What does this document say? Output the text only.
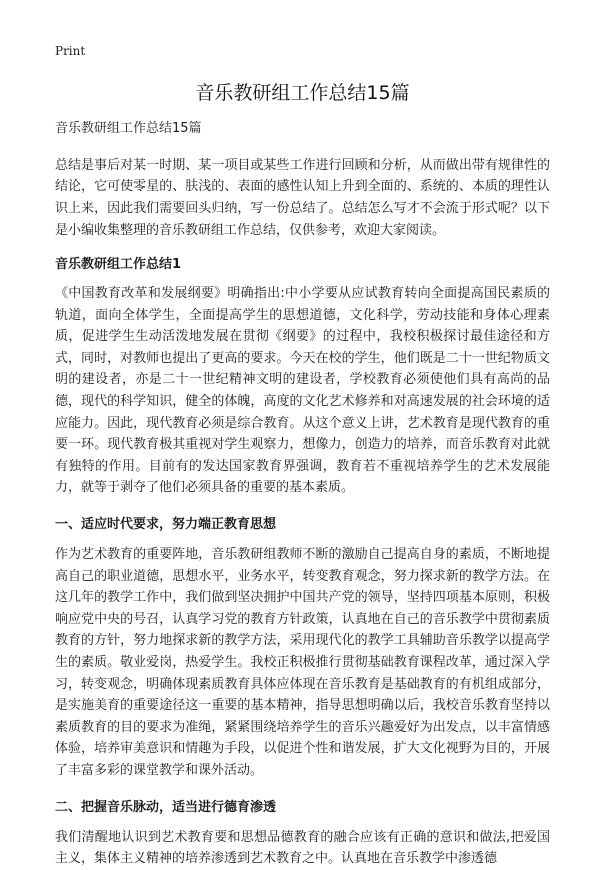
Print
音乐教研组工作总结15篇
音乐教研组工作总结15篇

总结是事后对某一时期、某一项目或某些工作进行回顾和分析，从而做出带有规律性的结论，它可使零星的、肤浅的、表面的感性认知上升到全面的、系统的、本质的理性认识上来，因此我们需要回头归纳，写一份总结了。总结怎么写才不会流于形式呢？以下是小编收集整理的音乐教研组工作总结，仅供参考，欢迎大家阅读。

音乐教研组工作总结1

《中国教育改革和发展纲要》明确指出:中小学要从应试教育转向全面提高国民素质的轨道，面向全体学生，全面提高学生的思想道德，文化科学，劳动技能和身体心理素质，促进学生生动活泼地发展在贯彻《纲要》的过程中，我校积极探讨最佳途径和方式，同时，对教师也提出了更高的要求。今天在校的学生，他们既是二十一世纪物质文明的建设者，亦是二十一世纪精神文明的建设者，学校教育必须使他们具有高尚的品德，现代的科学知识，健全的体魄，高度的文化艺术修养和对高速发展的社会环境的适应能力。因此，现代教育必须是综合教育。从这个意义上讲，艺术教育是现代教育的重要一环。现代教育极其重视对学生观察力，想像力，创造力的培养，而音乐教育对此就有独特的作用。目前有的发达国家教育界强调，教育若不重视培养学生的艺术发展能力，就等于剥夺了他们必须具备的重要的基本素质。

一、适应时代要求，努力端正教育思想

作为艺术教育的重要阵地，音乐教研组教师不断的激励自己提高自身的素质，不断地提高自己的职业道德，思想水平，业务水平，转变教育观念，努力探求新的教学方法。在这几年的教学工作中，我们做到坚决拥护中国共产党的领导，坚持四项基本原则，积极响应党中央的号召，认真学习党的教育方针政策，认真地在自己的音乐教学中贯彻素质教育的方针，努力地探求新的教学方法，采用现代化的教学工具辅助音乐教学以提高学生的素质。敬业爱岗，热爱学生。我校正积极推行贯彻基础教育课程改革，通过深入学习，转变观念，明确体现素质教育具体应体现在音乐教育是基础教育的有机组成部分，是实施美育的重要途径这一重要的基本精神，指导思想明确以后，我校音乐教育坚持以素质教育的目的要求为准绳，紧紧围绕培养学生的音乐兴趣爱好为出发点，以丰富情感体验，培养审美意识和情趣为手段，以促进个性和谐发展，扩大文化视野为目的，开展了丰富多彩的课堂教学和课外活动。

二、把握音乐脉动，适当进行德育渗透

我们清醒地认识到艺术教育要和思想品德教育的融合应该有正确的意识和做法,把爱国主义，集体主义精神的培养渗透到艺术教育之中。认真地在音乐教学中渗透德
